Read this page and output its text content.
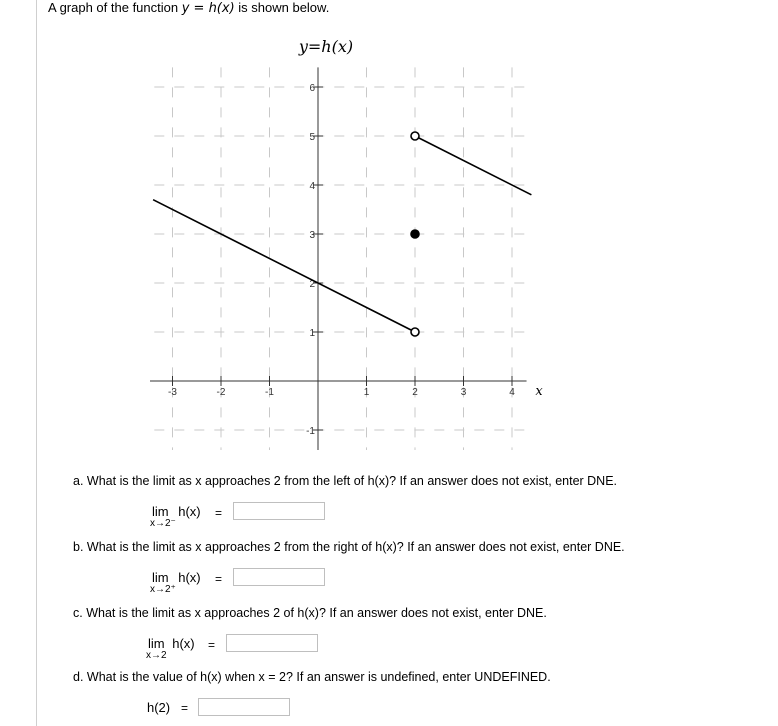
A graph of the function y = h(x) is shown below.
-3	-2	-1	1	2	3	4
-1
1
2
3
4
5
6
y=h(x)
x
a. What is the limit as x approaches 2 from the left of h(x)? If an answer does not exist, enter DNE.
lim h(x)
x→2⁻
=
b. What is the limit as x approaches 2 from the right of h(x)? If an answer does not exist, enter DNE.
lim h(x)
x→2⁺
=
c. What is the limit as x approaches 2 of h(x)? If an answer does not exist, enter DNE.
lim h(x)
x→2
=
d. What is the value of h(x) when x = 2? If an answer is undefined, enter UNDEFINED.
h(2) =
